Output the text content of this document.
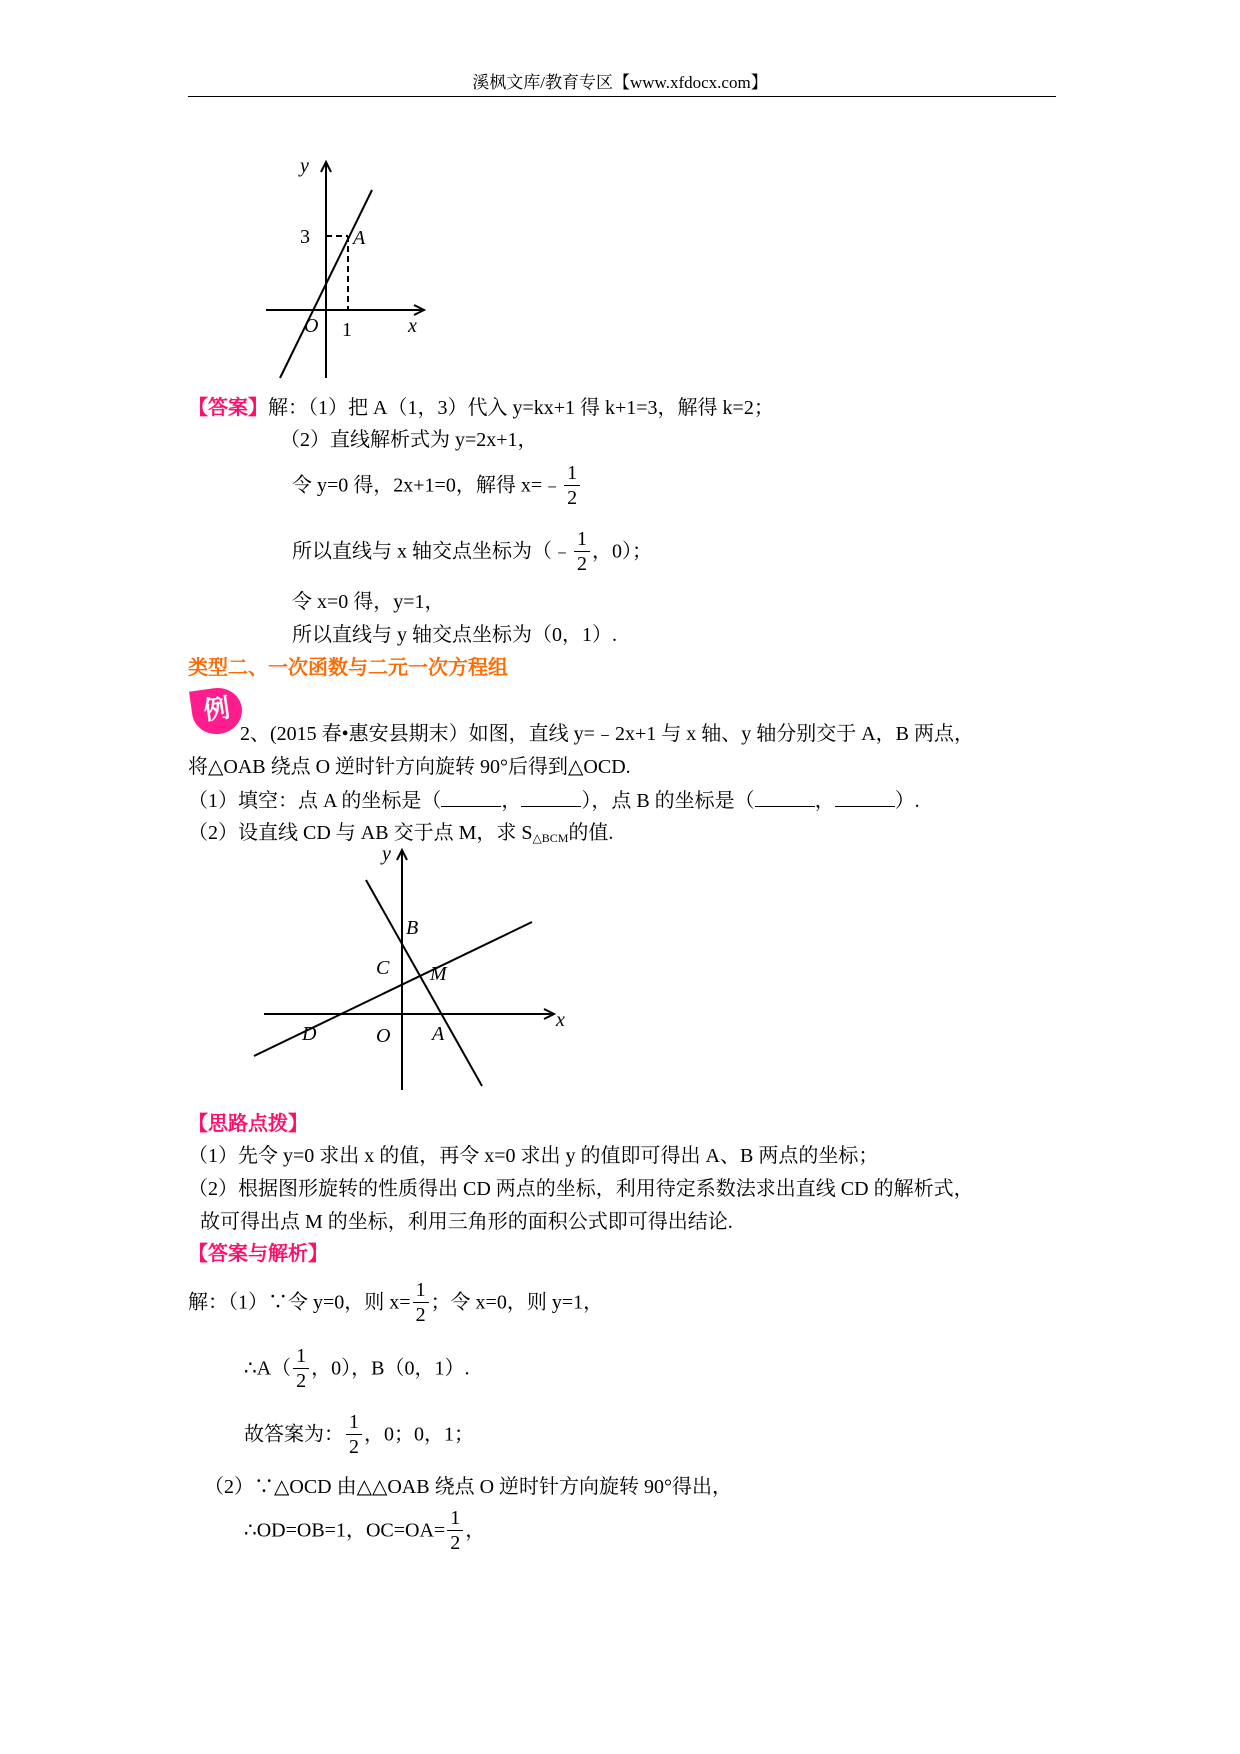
溪枫文库/教育专区【www.xfdocx.com】
y
x
3
1
O
A
【答案】解：（1）把 A（1，3）代入 y=kx+1 得 k+1=3，解得 k=2；
（2）直线解析式为 y=2x+1，
令 y=0 得，2x+1=0，解得 x=﹣ $\frac{1}{2}$
所以直线与 x 轴交点坐标为（﹣ $\frac{1}{2}$ ，0）；
令 x=0 得，y=1，
所以直线与 y 轴交点坐标为（0，1）.
类型二、一次函数与二元一次方程组
例
2、(2015 春•惠安县期末）如图，直线 y=﹣2x+1 与 x 轴、y 轴分别交于 A，B 两点，
将△OAB 绕点 O 逆时针方向旋转 90°后得到△OCD.
（1）填空：点 A 的坐标是（	，	），点 B 的坐标是（	，	）.
（2）设直线 CD 与 AB 交于点 M，求 $S_{\triangle BCM}$的值.
y
x
B
C M
D	O A
【思路点拨】
（1）先令 y=0 求出 x 的值，再令 x=0 求出 y 的值即可得出 A、B 两点的坐标；
（2）根据图形旋转的性质得出 CD 两点的坐标，利用待定系数法求出直线 CD 的解析式，
故可得出点 M 的坐标，利用三角形的面积公式即可得出结论.
【答案与解析】
解：（1）∵令 y=0，则 $x= \frac{1}{2}$ ；令 x=0，则 y=1，
∴A（ $\frac{1}{2}$ ，0），B（0，1）.
故答案为： $\frac{1}{2}$ ，0；0，1；
（2）∵△OCD 由△△OAB 绕点 O 逆时针方向旋转 90°得出，
∴OD=OB=1，$OC=OA= \frac{1}{2}$ ，
